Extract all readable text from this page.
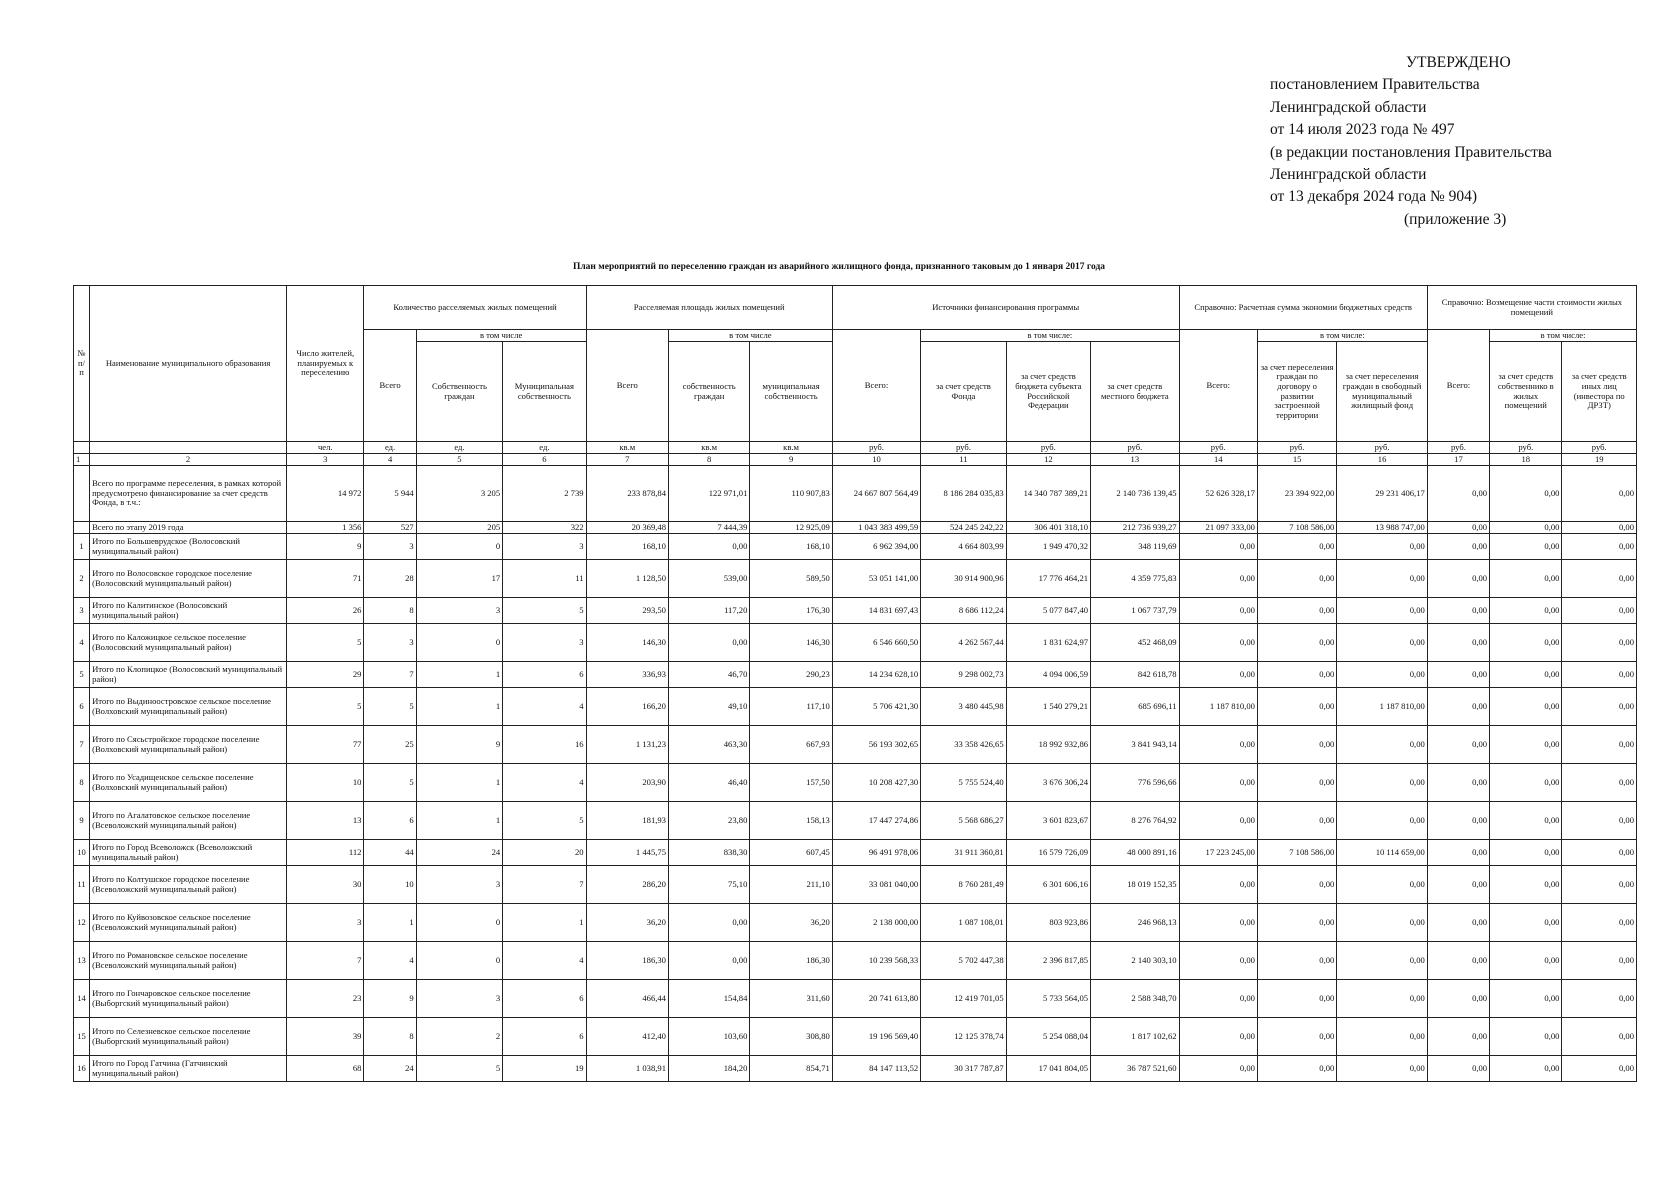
УТВЕРЖДЕНО
постановлением Правительства
Ленинградской области
от 14 июля 2023 года № 497
(в редакции постановления Правительства
Ленинградской области
от 13 декабря 2024 года № 904)
(приложение 3)
План мероприятий по переселению граждан из аварийного жилищного фонда, признанного таковым до 1 января 2017 года
№ п/п	Наименование муниципального образования	Число жителей, планируемых к переселению	Количество расселяемых жилых помещений			Расселяемая площадь жилых помещений			Источники финансирования программы				Справочно: Расчетная сумма экономии бюджетных средств			Справочно: Возмещение части стоимости жилых помещений		
			Всего	в том числе		Всего	в том числе		Всего:	в том числе:			Всего:	в том числе:		Всего:	в том числе:	
				Собственность граждан	Муниципальная собственность		собственность граждан	муниципальная собственность		за счет средств Фонда	за счет средств бюджета субъекта Российской Федерации	за счет средств местного бюджета		за счет переселения граждан по договору о развитии застроенной территории	за счет переселения граждан в свободный муниципальный жилищный фонд		за счет средств собственнико в жилых помещений	за счет средств иных лиц (инвестора по ДРЗТ)
		чел.	ед.	ед.	ед.	кв.м	кв.м	кв.м	руб.	руб.	руб.	руб.	руб.	руб.	руб.	руб.	руб.	руб.
1	2	3	4	5	6	7	8	9	10	11	12	13	14	15	16	17	18	19
	Всего по программе переселения, в рамках которой предусмотрено финансирование за счет средств Фонда, в т.ч.:	14 972	5 944	3 205	2 739	233 878,84	122 971,01	110 907,83	24 667 807 564,49	8 186 284 035,83	14 340 787 389,21	2 140 736 139,45	52 626 328,17	23 394 922,00	29 231 406,17	0,00	0,00	0,00
	Всего по этапу 2019 года	1 356	527	205	322	20 369,48	7 444,39	12 925,09	1 043 383 499,59	524 245 242,22	306 401 318,10	212 736 939,27	21 097 333,00	7 108 586,00	13 988 747,00	0,00	0,00	0,00
1	Итого по Большеврудское (Волосовский муниципальный район)	9	3	0	3	168,10	0,00	168,10	6 962 394,00	4 664 803,99	1 949 470,32	348 119,69	0,00	0,00	0,00	0,00	0,00	0,00
2	Итого по Волосовское городское поселение (Волосовский муниципальный район)	71	28	17	11	1 128,50	539,00	589,50	53 051 141,00	30 914 900,96	17 776 464,21	4 359 775,83	0,00	0,00	0,00	0,00	0,00	0,00
3	Итого по Калитинское (Волосовский муниципальный район)	26	8	3	5	293,50	117,20	176,30	14 831 697,43	8 686 112,24	5 077 847,40	1 067 737,79	0,00	0,00	0,00	0,00	0,00	0,00
4	Итого по Каложицкое сельское поселение (Волосовский муниципальный район)	5	3	0	3	146,30	0,00	146,30	6 546 660,50	4 262 567,44	1 831 624,97	452 468,09	0,00	0,00	0,00	0,00	0,00	0,00
5	Итого по Клопицкое (Волосовский муниципальный район)	29	7	1	6	336,93	46,70	290,23	14 234 628,10	9 298 002,73	4 094 006,59	842 618,78	0,00	0,00	0,00	0,00	0,00	0,00
6	Итого по Выдиноостровское сельское поселение (Волховский муниципальный район)	5	5	1	4	166,20	49,10	117,10	5 706 421,30	3 480 445,98	1 540 279,21	685 696,11	1 187 810,00	0,00	1 187 810,00	0,00	0,00	0,00
7	Итого по Сясьстройское городское поселение (Волховский муниципальный район)	77	25	9	16	1 131,23	463,30	667,93	56 193 302,65	33 358 426,65	18 992 932,86	3 841 943,14	0,00	0,00	0,00	0,00	0,00	0,00
8	Итого по Усадищенское сельское поселение (Волховский муниципальный район)	10	5	1	4	203,90	46,40	157,50	10 208 427,30	5 755 524,40	3 676 306,24	776 596,66	0,00	0,00	0,00	0,00	0,00	0,00
9	Итого по Агалатовское сельское поселение (Всеволожский муниципальный район)	13	6	1	5	181,93	23,80	158,13	17 447 274,86	5 568 686,27	3 601 823,67	8 276 764,92	0,00	0,00	0,00	0,00	0,00	0,00
10	Итого по Город Всеволожск (Всеволожский муниципальный район)	112	44	24	20	1 445,75	838,30	607,45	96 491 978,06	31 911 360,81	16 579 726,09	48 000 891,16	17 223 245,00	7 108 586,00	10 114 659,00	0,00	0,00	0,00
11	Итого по Колтушское городское поселение (Всеволожский муниципальный район)	30	10	3	7	286,20	75,10	211,10	33 081 040,00	8 760 281,49	6 301 606,16	18 019 152,35	0,00	0,00	0,00	0,00	0,00	0,00
12	Итого по Куйвозовское сельское поселение (Всеволожский муниципальный район)	3	1	0	1	36,20	0,00	36,20	2 138 000,00	1 087 108,01	803 923,86	246 968,13	0,00	0,00	0,00	0,00	0,00	0,00
13	Итого по Романовское сельское поселение (Всеволожский муниципальный район)	7	4	0	4	186,30	0,00	186,30	10 239 568,33	5 702 447,38	2 396 817,85	2 140 303,10	0,00	0,00	0,00	0,00	0,00	0,00
14	Итого по Гончаровское сельское поселение (Выборгский муниципальный район)	23	9	3	6	466,44	154,84	311,60	20 741 613,80	12 419 701,05	5 733 564,05	2 588 348,70	0,00	0,00	0,00	0,00	0,00	0,00
15	Итого по Селезневское сельское поселение (Выборгский муниципальный район)	39	8	2	6	412,40	103,60	308,80	19 196 569,40	12 125 378,74	5 254 088,04	1 817 102,62	0,00	0,00	0,00	0,00	0,00	0,00
16	Итого по Город Гатчина (Гатчинский муниципальный район)	68	24	5	19	1 038,91	184,20	854,71	84 147 113,52	30 317 787,87	17 041 804,05	36 787 521,60	0,00	0,00	0,00	0,00	0,00	0,00
